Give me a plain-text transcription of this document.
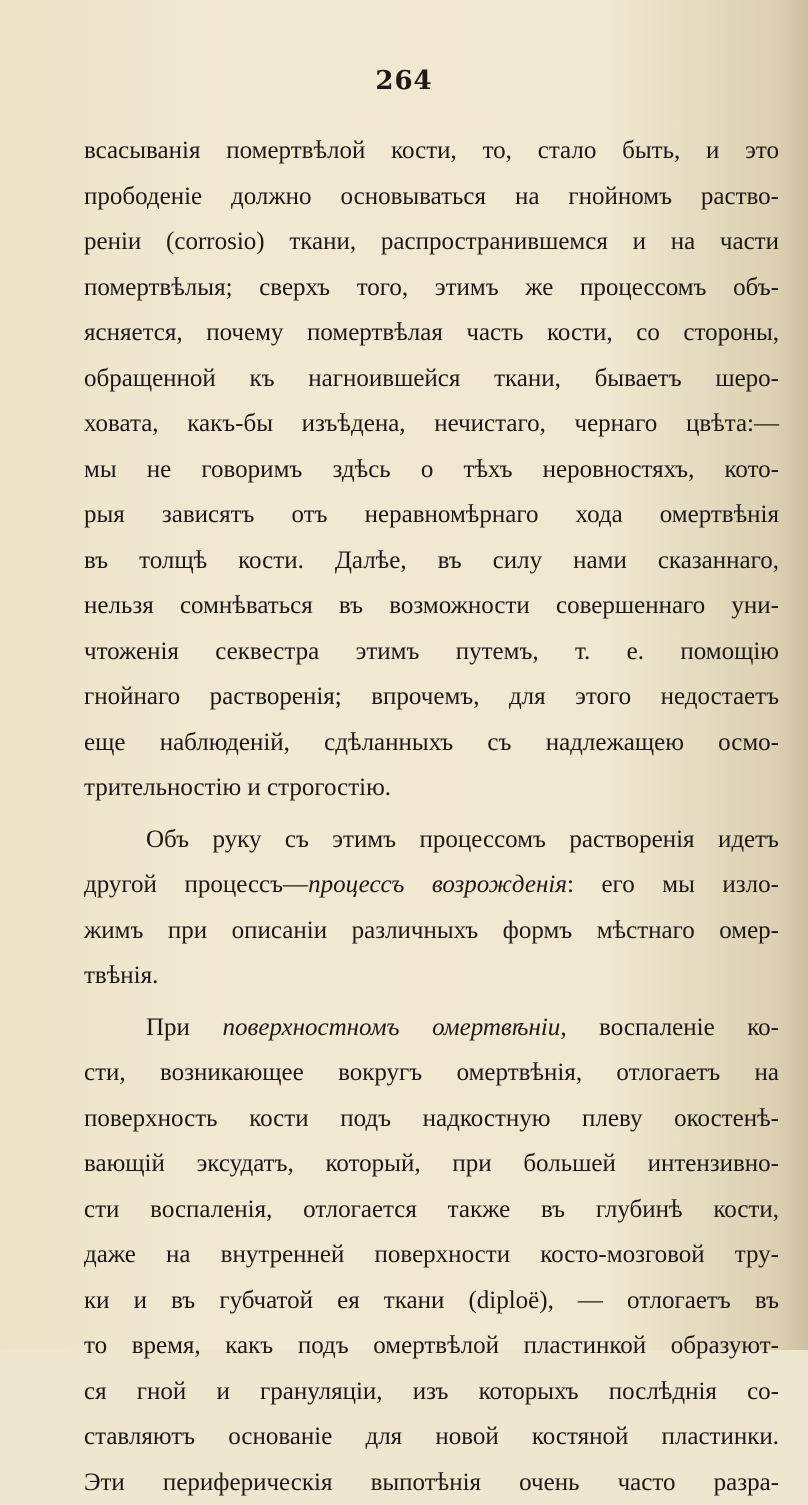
264
всасыванія помертвѣлой кости, то, стало быть, и это
прободеніе должно основываться на гнойномъ раство-
реніи (corrosio) ткани, распространившемся и на части
помертвѣлыя; сверхъ того, этимъ же процессомъ объ-
ясняется, почему помертвѣлая часть кости, со стороны,
обращенной къ нагноившейся ткани, бываетъ шеро-
ховата, какъ-бы изъѣдена, нечистаго, чернаго цвѣта:—
мы не говоримъ здѣсь о тѣхъ неровностяхъ, кото-
рыя зависятъ отъ неравномѣрнаго хода омертвѣнія
въ толщѣ кости. Далѣе, въ силу нами сказаннаго,
нельзя сомнѣваться въ возможности совершеннаго уни-
чтоженія секвестра этимъ путемъ, т. е. помощію
гнойнаго растворенія; впрочемъ, для этого недостаетъ
еще наблюденій, сдѣланныхъ съ надлежащею осмо-
трительностію и строгостію.
Объ руку съ этимъ процессомъ растворенія идетъ
другой процессъ—процессъ возрожденія: его мы изло-
жимъ при описаніи различныхъ формъ мѣстнаго омер-
твѣнія.
При поверхностномъ омертвѣніи, воспаленіе ко-
сти, возникающее вокругъ омертвѣнія, отлогаетъ на
поверхность кости подъ надкостную плеву окостенѣ-
вающій эксудатъ, который, при большей интензивно-
сти воспаленія, отлогается также въ глубинѣ кости,
даже на внутренней поверхности косто-мозговой тру-
ки и въ губчатой ея ткани (diploë), — отлогаетъ въ
то время, какъ подъ омертвѣлой пластинкой образуют-
ся гной и грануляціи, изъ которыхъ послѣднія со-
ставляютъ основаніе для новой костяной пластинки.
Эти периферическія выпотѣнія очень часто разра-
